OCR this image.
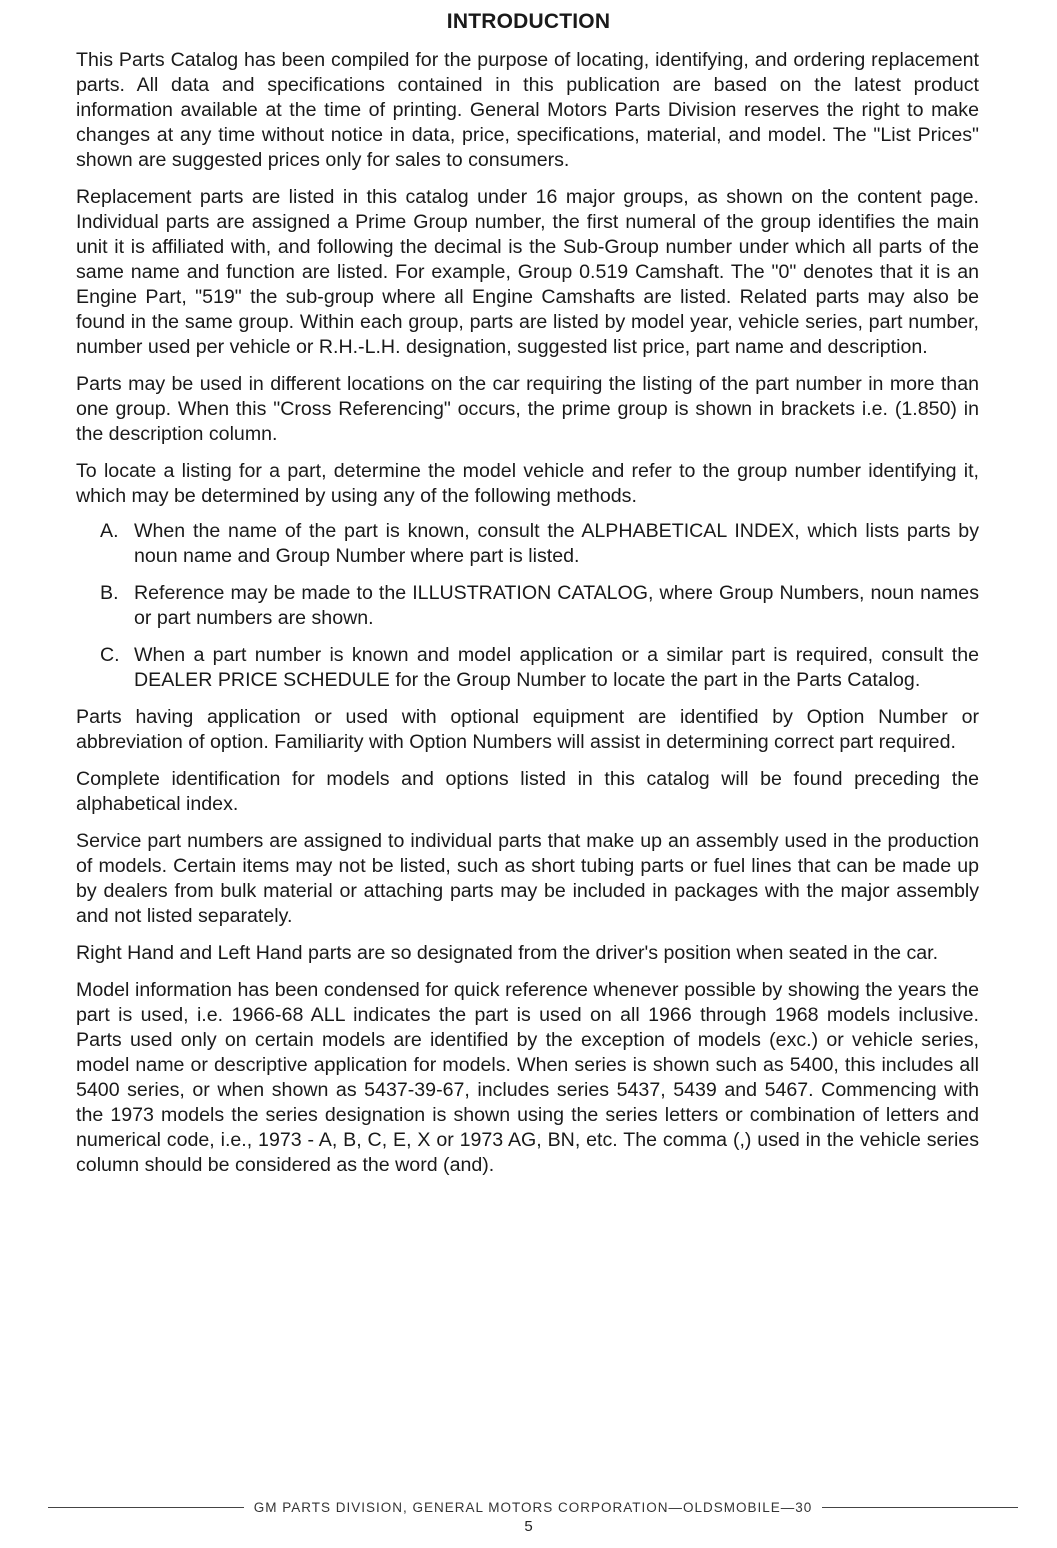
INTRODUCTION

This Parts Catalog has been compiled for the purpose of locating, identifying, and ordering replacement parts. All data and specifications contained in this publication are based on the latest product information available at the time of printing. General Motors Parts Division reserves the right to make changes at any time without notice in data, price, specifications, material, and model. The "List Prices" shown are suggested prices only for sales to consumers.

Replacement parts are listed in this catalog under 16 major groups, as shown on the content page. Individual parts are assigned a Prime Group number, the first numeral of the group identifies the main unit it is affiliated with, and following the decimal is the Sub-Group number under which all parts of the same name and function are listed. For example, Group 0.519 Camshaft. The "0" denotes that it is an Engine Part, "519" the sub-group where all Engine Camshafts are listed. Related parts may also be found in the same group. Within each group, parts are listed by model year, vehicle series, part number, number used per vehicle or R.H.-L.H. designation, suggested list price, part name and description.

Parts may be used in different locations on the car requiring the listing of the part number in more than one group. When this "Cross Referencing" occurs, the prime group is shown in brackets i.e. (1.850) in the description column.

To locate a listing for a part, determine the model vehicle and refer to the group number identifying it, which may be determined by using any of the following methods.

A. When the name of the part is known, consult the ALPHABETICAL INDEX, which lists parts by noun name and Group Number where part is listed.
B. Reference may be made to the ILLUSTRATION CATALOG, where Group Numbers, noun names or part numbers are shown.
C. When a part number is known and model application or a similar part is required, consult the DEALER PRICE SCHEDULE for the Group Number to locate the part in the Parts Catalog.

Parts having application or used with optional equipment are identified by Option Number or abbreviation of option. Familiarity with Option Numbers will assist in determining correct part required.

Complete identification for models and options listed in this catalog will be found preceding the alphabetical index.

Service part numbers are assigned to individual parts that make up an assembly used in the production of models. Certain items may not be listed, such as short tubing parts or fuel lines that can be made up by dealers from bulk material or attaching parts may be included in packages with the major assembly and not listed separately.

Right Hand and Left Hand parts are so designated from the driver's position when seated in the car.

Model information has been condensed for quick reference whenever possible by showing the years the part is used, i.e. 1966-68 ALL indicates the part is used on all 1966 through 1968 models inclusive. Parts used only on certain models are identified by the exception of models (exc.) or vehicle series, model name or descriptive application for models. When series is shown such as 5400, this includes all 5400 series, or when shown as 5437-39-67, includes series 5437, 5439 and 5467. Commencing with the 1973 models the series designation is shown using the series letters or combination of letters and numerical code, i.e., 1973 - A, B, C, E, X or 1973 AG, BN, etc. The comma (,) used in the vehicle series column should be considered as the word (and).

GM PARTS DIVISION, GENERAL MOTORS CORPORATION—OLDSMOBILE—30
5
